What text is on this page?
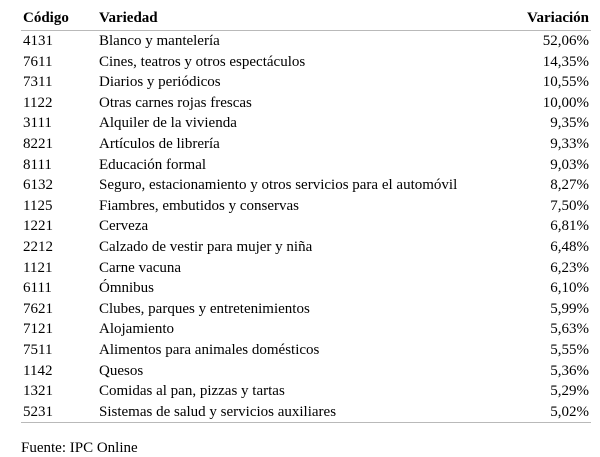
Código	Variedad	Variación
4131	Blanco y mantelería	52,06%
7611	Cines, teatros y otros espectáculos	14,35%
7311	Diarios y periódicos	10,55%
1122	Otras carnes rojas frescas	10,00%
3111	Alquiler de la vivienda	9,35%
8221	Artículos de librería	9,33%
8111	Educación formal	9,03%
6132	Seguro, estacionamiento y otros servicios para el automóvil	8,27%
1125	Fiambres, embutidos y conservas	7,50%
1221	Cerveza	6,81%
2212	Calzado de vestir para mujer y niña	6,48%
1121	Carne vacuna	6,23%
6111	Ómnibus	6,10%
7621	Clubes, parques y entretenimientos	5,99%
7121	Alojamiento	5,63%
7511	Alimentos para animales domésticos	5,55%
1142	Quesos	5,36%
1321	Comidas al pan, pizzas y tartas	5,29%
5231	Sistemas de salud y servicios auxiliares	5,02%
Fuente: IPC Online
